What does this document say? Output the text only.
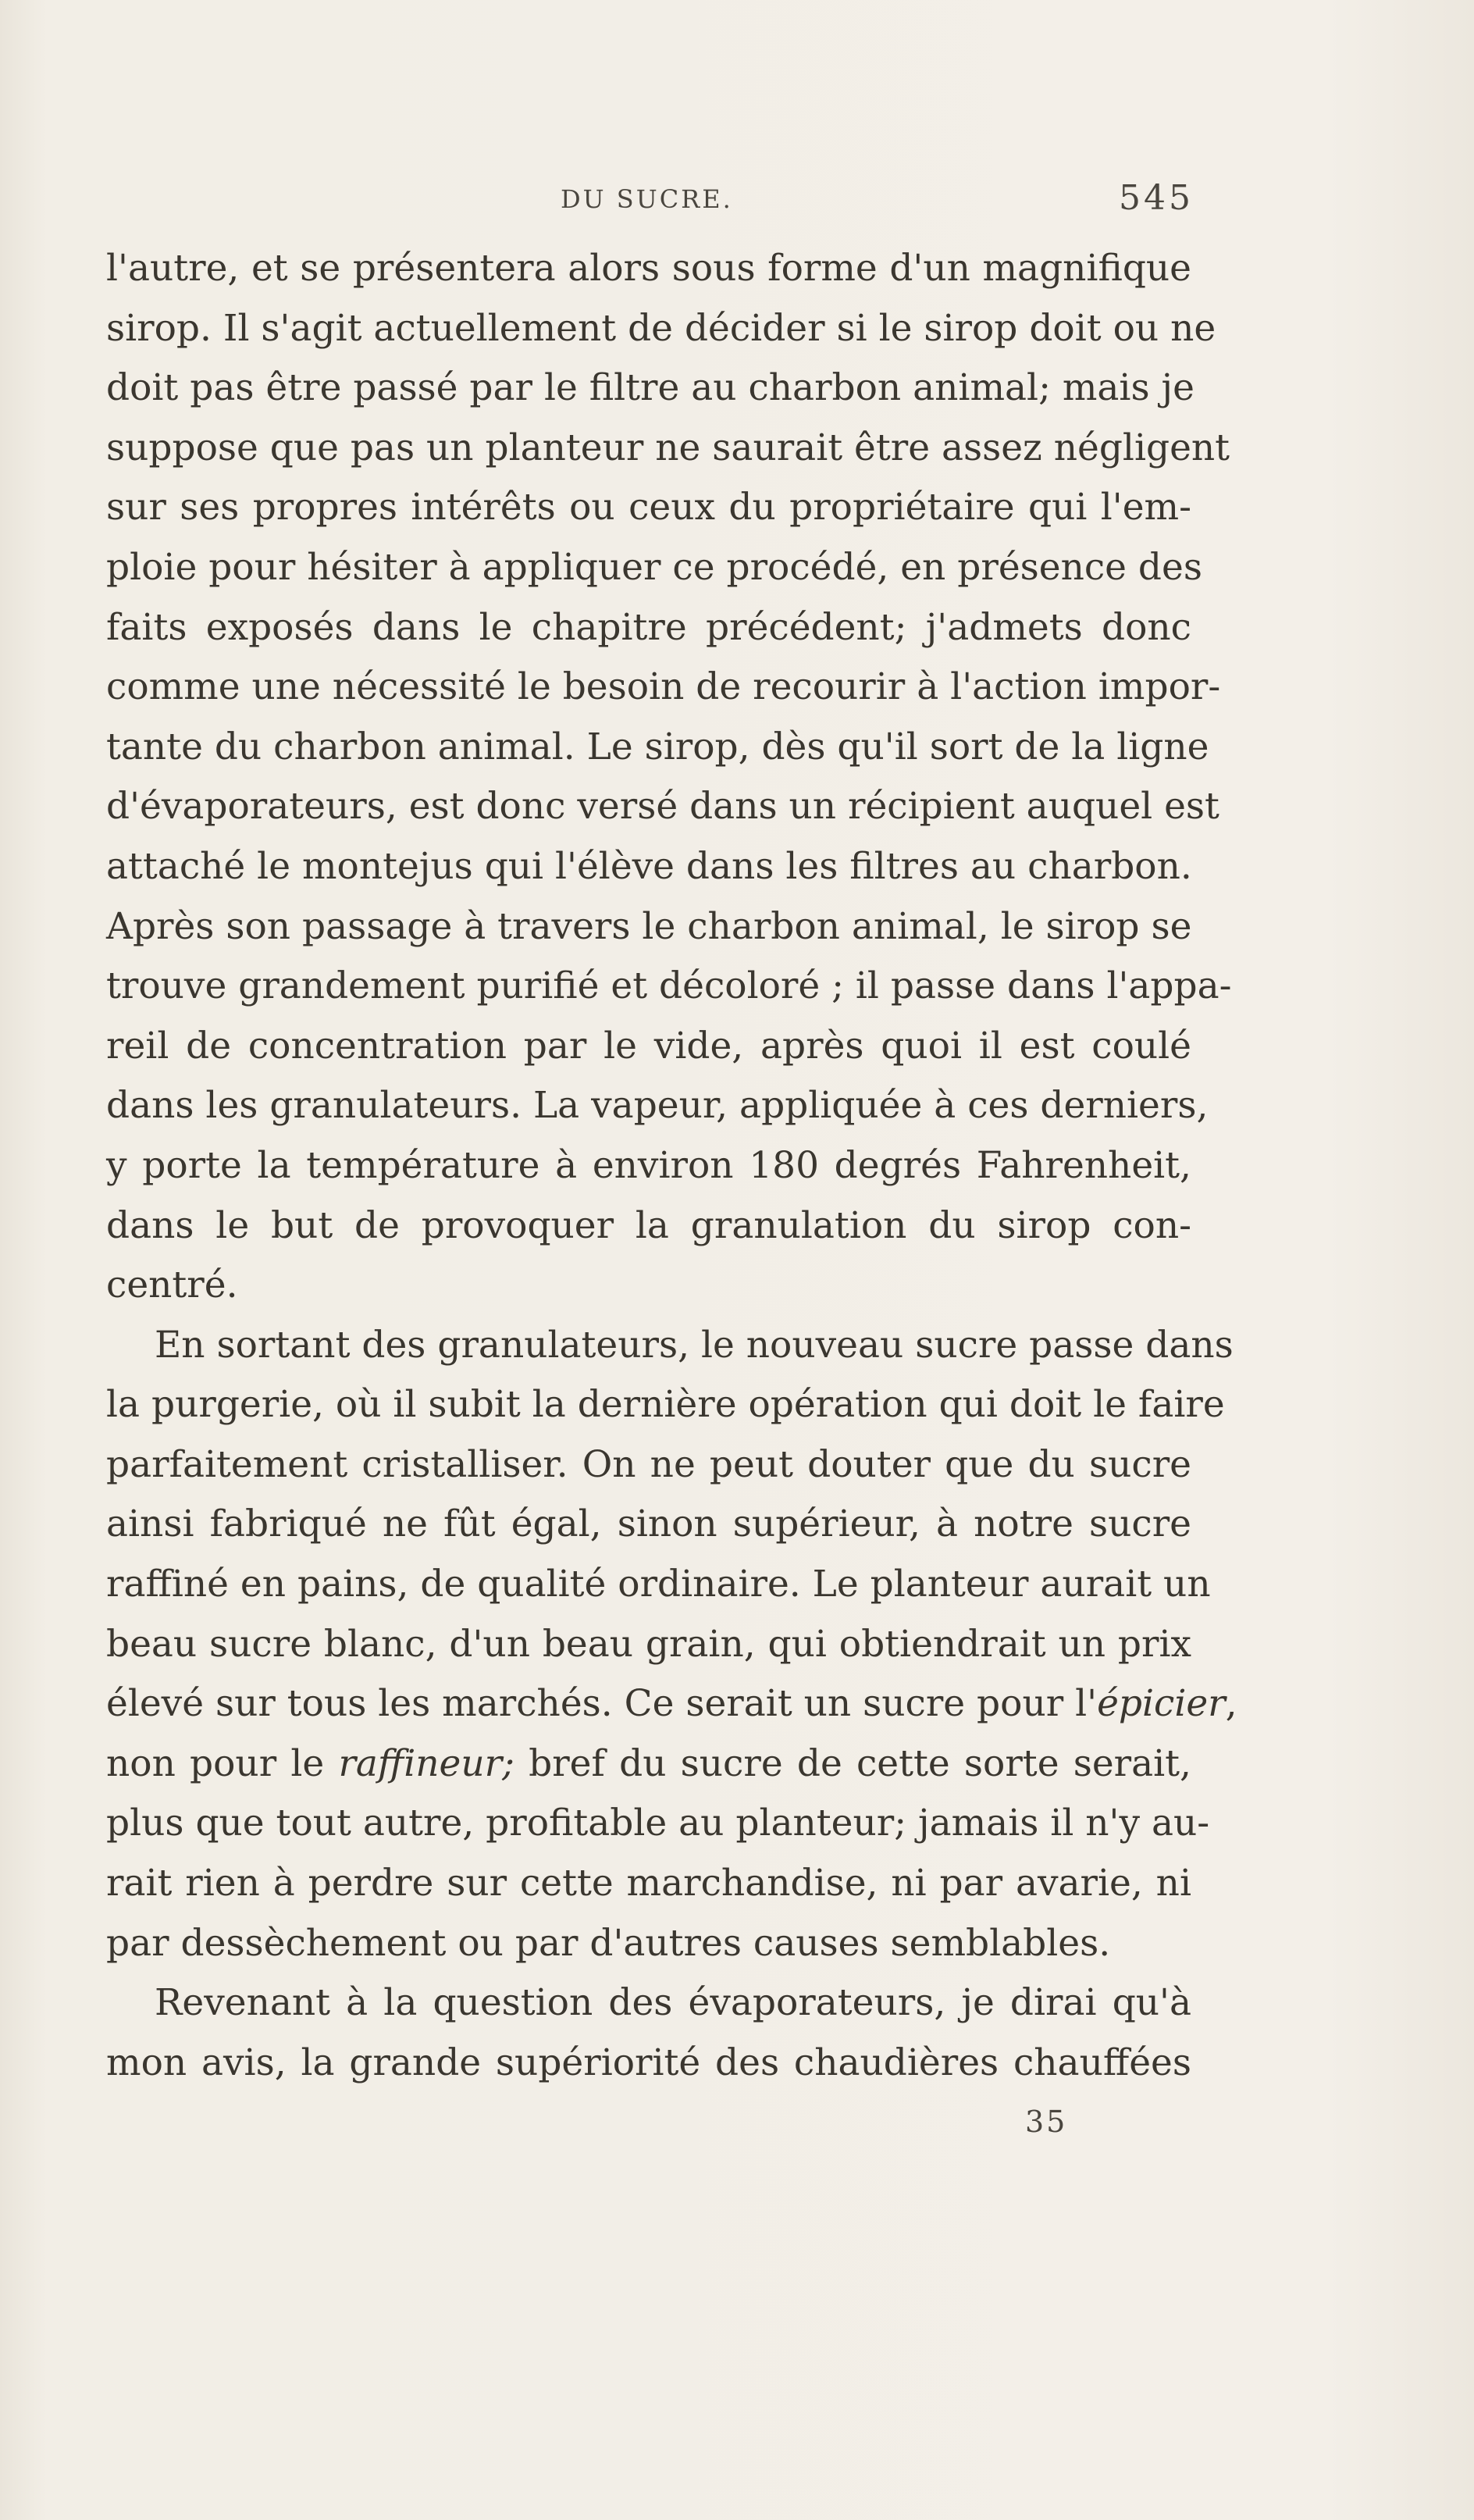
DU SUCRE.	545
l'autre, et se présentera alors sous forme d'un magnifique
sirop. Il s'agit actuellement de décider si le sirop doit ou ne
doit pas être passé par le filtre au charbon animal; mais je
suppose que pas un planteur ne saurait être assez négligent
sur ses propres intérêts ou ceux du propriétaire qui l'em-
ploie pour hésiter à appliquer ce procédé, en présence des
faits exposés dans le chapitre précédent; j'admets donc
comme une nécessité le besoin de recourir à l'action impor-
tante du charbon animal. Le sirop, dès qu'il sort de la ligne
d'évaporateurs, est donc versé dans un récipient auquel est
attaché le montejus qui l'élève dans les filtres au charbon.
Après son passage à travers le charbon animal, le sirop se
trouve grandement purifié et décoloré ; il passe dans l'appa-
reil de concentration par le vide, après quoi il est coulé
dans les granulateurs. La vapeur, appliquée à ces derniers,
y porte la température à environ 180 degrés Fahrenheit,
dans le but de provoquer la granulation du sirop con-
centré.
En sortant des granulateurs, le nouveau sucre passe dans
la purgerie, où il subit la dernière opération qui doit le faire
parfaitement cristalliser. On ne peut douter que du sucre
ainsi fabriqué ne fût égal, sinon supérieur, à notre sucre
raffiné en pains, de qualité ordinaire. Le planteur aurait un
beau sucre blanc, d'un beau grain, qui obtiendrait un prix
élevé sur tous les marchés. Ce serait un sucre pour l'épicier,
non pour le raffineur; bref du sucre de cette sorte serait,
plus que tout autre, profitable au planteur; jamais il n'y au-
rait rien à perdre sur cette marchandise, ni par avarie, ni
par dessèchement ou par d'autres causes semblables.
Revenant à la question des évaporateurs, je dirai qu'à
mon avis, la grande supériorité des chaudières chauffées
35
